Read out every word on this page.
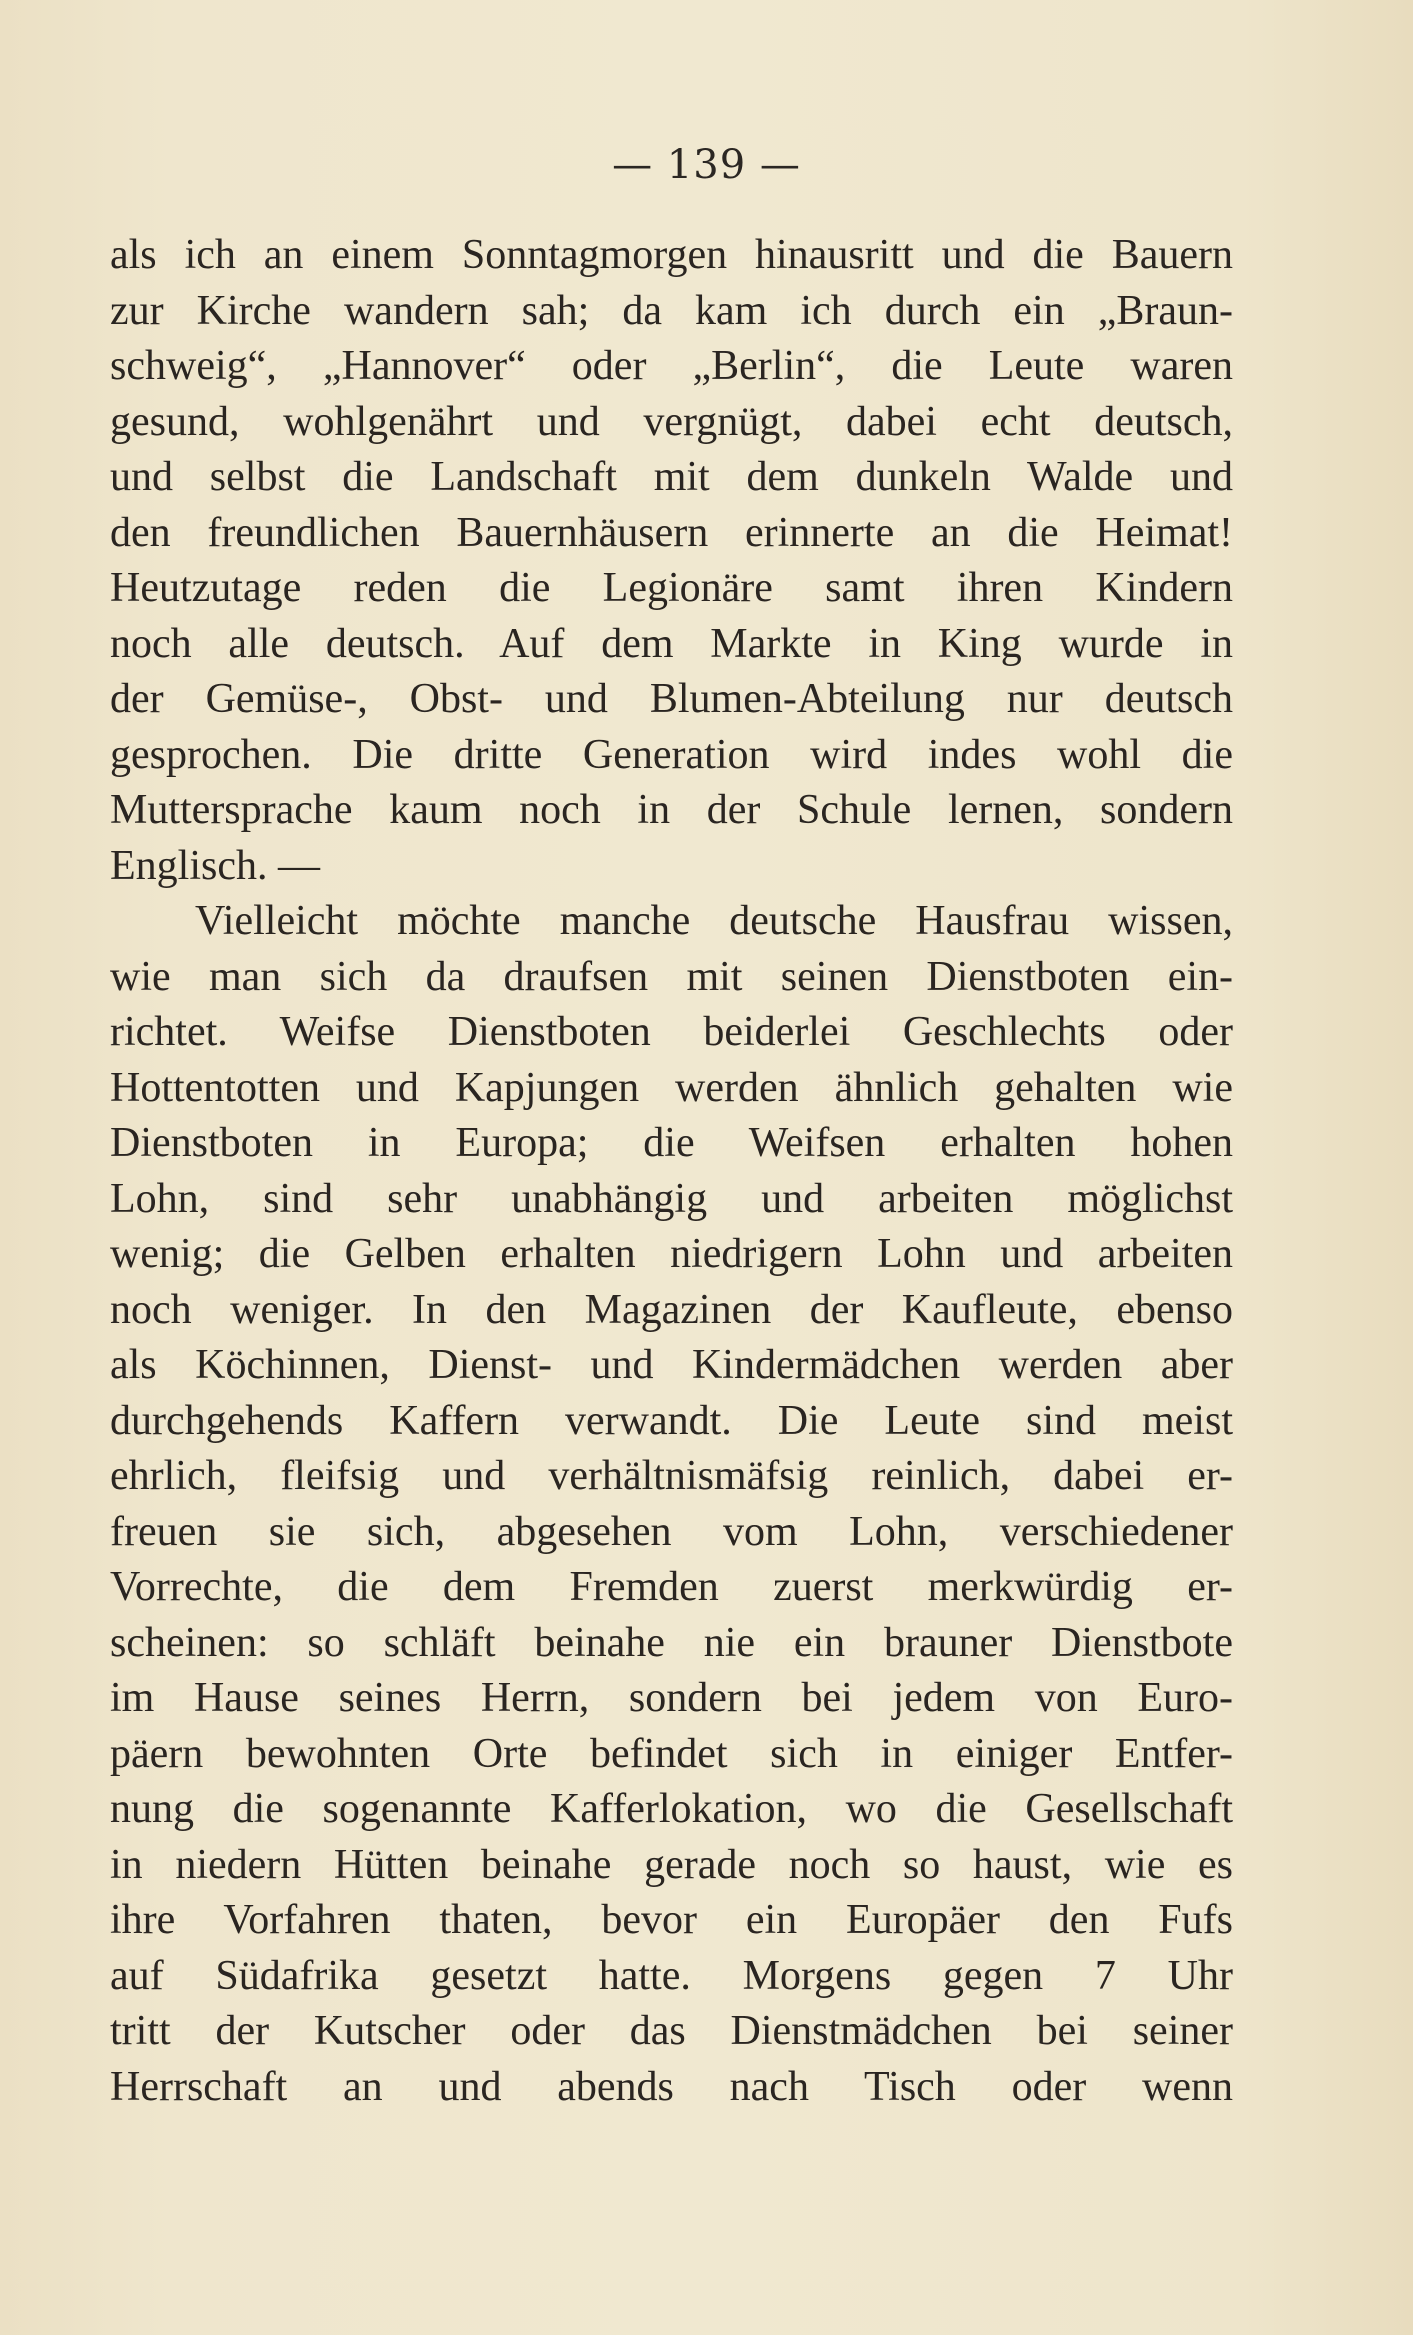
— 139 —
als ich an einem Sonntagmorgen hinausritt und die Bauern
zur Kirche wandern sah; da kam ich durch ein „Braun-
schweig“, „Hannover“ oder „Berlin“, die Leute waren
gesund, wohlgenährt und vergnügt, dabei echt deutsch,
und selbst die Landschaft mit dem dunkeln Walde und
den freundlichen Bauernhäusern erinnerte an die Heimat!
Heutzutage reden die Legionäre samt ihren Kindern
noch alle deutsch. Auf dem Markte in King wurde in
der Gemüse-, Obst- und Blumen-Abteilung nur deutsch
gesprochen. Die dritte Generation wird indes wohl die
Muttersprache kaum noch in der Schule lernen, sondern
Englisch. —
Vielleicht möchte manche deutsche Hausfrau wissen,
wie man sich da draufsen mit seinen Dienstboten ein-
richtet. Weifse Dienstboten beiderlei Geschlechts oder
Hottentotten und Kapjungen werden ähnlich gehalten wie
Dienstboten in Europa; die Weifsen erhalten hohen
Lohn, sind sehr unabhängig und arbeiten möglichst
wenig; die Gelben erhalten niedrigern Lohn und arbeiten
noch weniger. In den Magazinen der Kaufleute, ebenso
als Köchinnen, Dienst- und Kindermädchen werden aber
durchgehends Kaffern verwandt. Die Leute sind meist
ehrlich, fleifsig und verhältnismäfsig reinlich, dabei er-
freuen sie sich, abgesehen vom Lohn, verschiedener
Vorrechte, die dem Fremden zuerst merkwürdig er-
scheinen: so schläft beinahe nie ein brauner Dienstbote
im Hause seines Herrn, sondern bei jedem von Euro-
päern bewohnten Orte befindet sich in einiger Entfer-
nung die sogenannte Kafferlokation, wo die Gesellschaft
in niedern Hütten beinahe gerade noch so haust, wie es
ihre Vorfahren thaten, bevor ein Europäer den Fufs
auf Südafrika gesetzt hatte. Morgens gegen 7 Uhr
tritt der Kutscher oder das Dienstmädchen bei seiner
Herrschaft an und abends nach Tisch oder wenn
